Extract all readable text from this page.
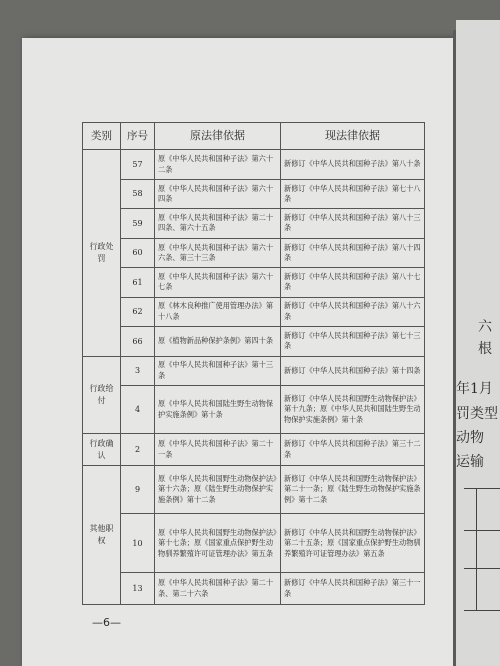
六
根
年1月
罚类型
动物
运输
类别	序号	原法律依据	现法律依据
行政处罚	57	原《中华人民共和国种子法》第六十二条	新修订《中华人民共和国种子法》第八十条
	58	原《中华人民共和国种子法》第六十四条	新修订《中华人民共和国种子法》第七十八条
	59	原《中华人民共和国种子法》第二十四条、第六十五条	新修订《中华人民共和国种子法》第八十三条
	60	原《中华人民共和国种子法》第六十六条、第三十三条	新修订《中华人民共和国种子法》第八十四条
	61	原《中华人民共和国种子法》第六十七条	新修订《中华人民共和国种子法》第八十七条
	62	原《林木良种推广使用管理办法》第十八条	新修订《中华人民共和国种子法》第八十六条
	66	原《植物新品种保护条例》第四十条	新修订《中华人民共和国种子法》第七十三条
行政给付	3	原《中华人民共和国种子法》第十三条	新修订《中华人民共和国种子法》第十四条
	4	原《中华人民共和国陆生野生动物保护实施条例》第十条	新修订《中华人民共和国野生动物保护法》第十九条；原《中华人民共和国陆生野生动物保护实施条例》第十条
行政确认	2	原《中华人民共和国种子法》第二十一条	新修订《中华人民共和国种子法》第三十二条
其他职权	9	原《中华人民共和国野生动物保护法》第十六条；原《陆生野生动物保护实施条例》第十二条	新修订《中华人民共和国野生动物保护法》第二十一条；原《陆生野生动物保护实施条例》第十二条
	10	原《中华人民共和国野生动物保护法》第十七条；原《国家重点保护野生动物驯养繁殖许可证管理办法》第五条	新修订《中华人民共和国野生动物保护法》第二十五条；原《国家重点保护野生动物驯养繁殖许可证管理办法》第五条
	13	原《中华人民共和国种子法》第二十条、第二十六条	新修订《中华人民共和国种子法》第三十一条
—6—
